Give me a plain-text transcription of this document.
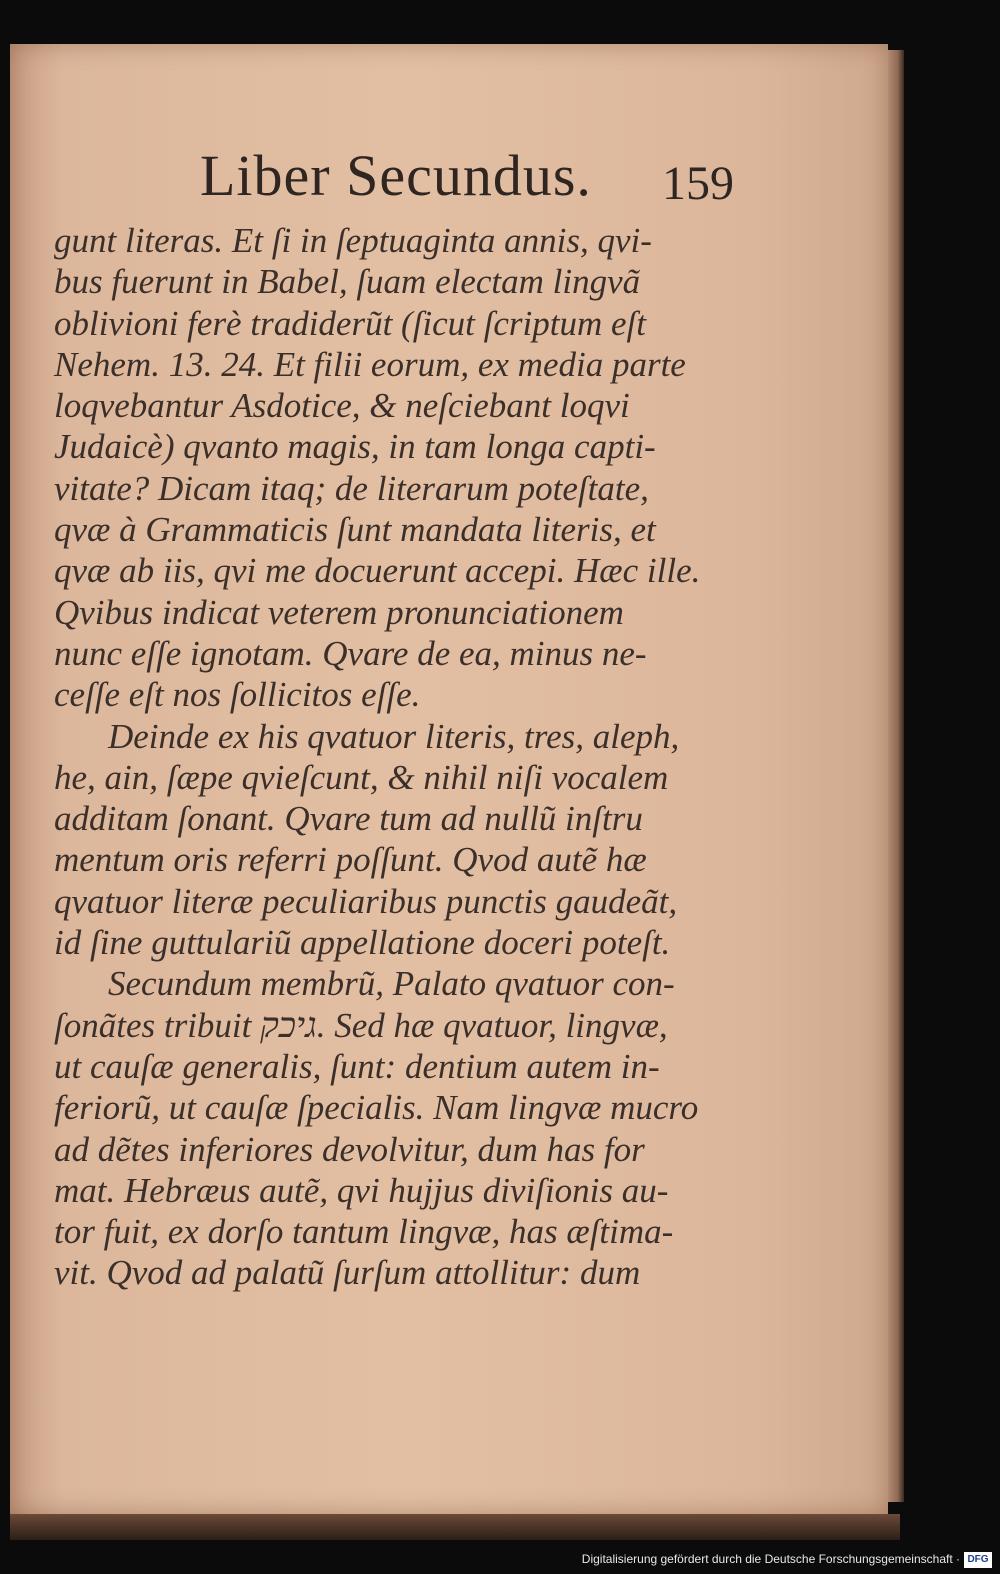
Liber Secundus. 159
gunt literas. Et ſi in ſeptuaginta annis, qvi-
bus fuerunt in Babel, ſuam electam lingvã
oblivioni ferè tradiderũt (ſicut ſcriptum eſt
Nehem. 13. 24. Et filii eorum, ex media parte
loqvebantur Asdotice, & neſciebant loqvi
Judaicè) qvanto magis, in tam longa capti-
vitate? Dicam itaq; de literarum poteſtate,
qvæ à Grammaticis ſunt mandata literis, et
qvæ ab iis, qvi me docuerunt accepi. Hæc ille.
Qvibus indicat veterem pronunciationem
nunc eſſe ignotam. Qvare de ea, minus ne-
ceſſe eſt nos ſollicitos eſſe.
Deinde ex his qvatuor literis, tres, aleph,
he, ain, ſæpe qvieſcunt, & nihil niſi vocalem
additam ſonant. Qvare tum ad nullũ inſtru
mentum oris referri poſſunt. Qvod autẽ hæ
qvatuor literæ peculiaribus punctis gaudeãt,
id ſine guttulariũ appellatione doceri poteſt.
Secundum membrũ, Palato qvatuor con-
ſonãtes tribuit גיכק. Sed hæ qvatuor, lingvæ,
ut cauſæ generalis, ſunt: dentium autem in-
feriorũ, ut cauſæ ſpecialis. Nam lingvæ mucro
ad dẽtes inferiores devolvitur, dum has for
mat. Hebræus autẽ, qvi hujjus diviſionis au-
tor fuit, ex dorſo tantum lingvæ, has æſtima-
vit. Qvod ad palatũ ſurſum attollitur: dum
Digitalisierung gefördert durch die Deutsche Forschungsgemeinschaft · DFG
